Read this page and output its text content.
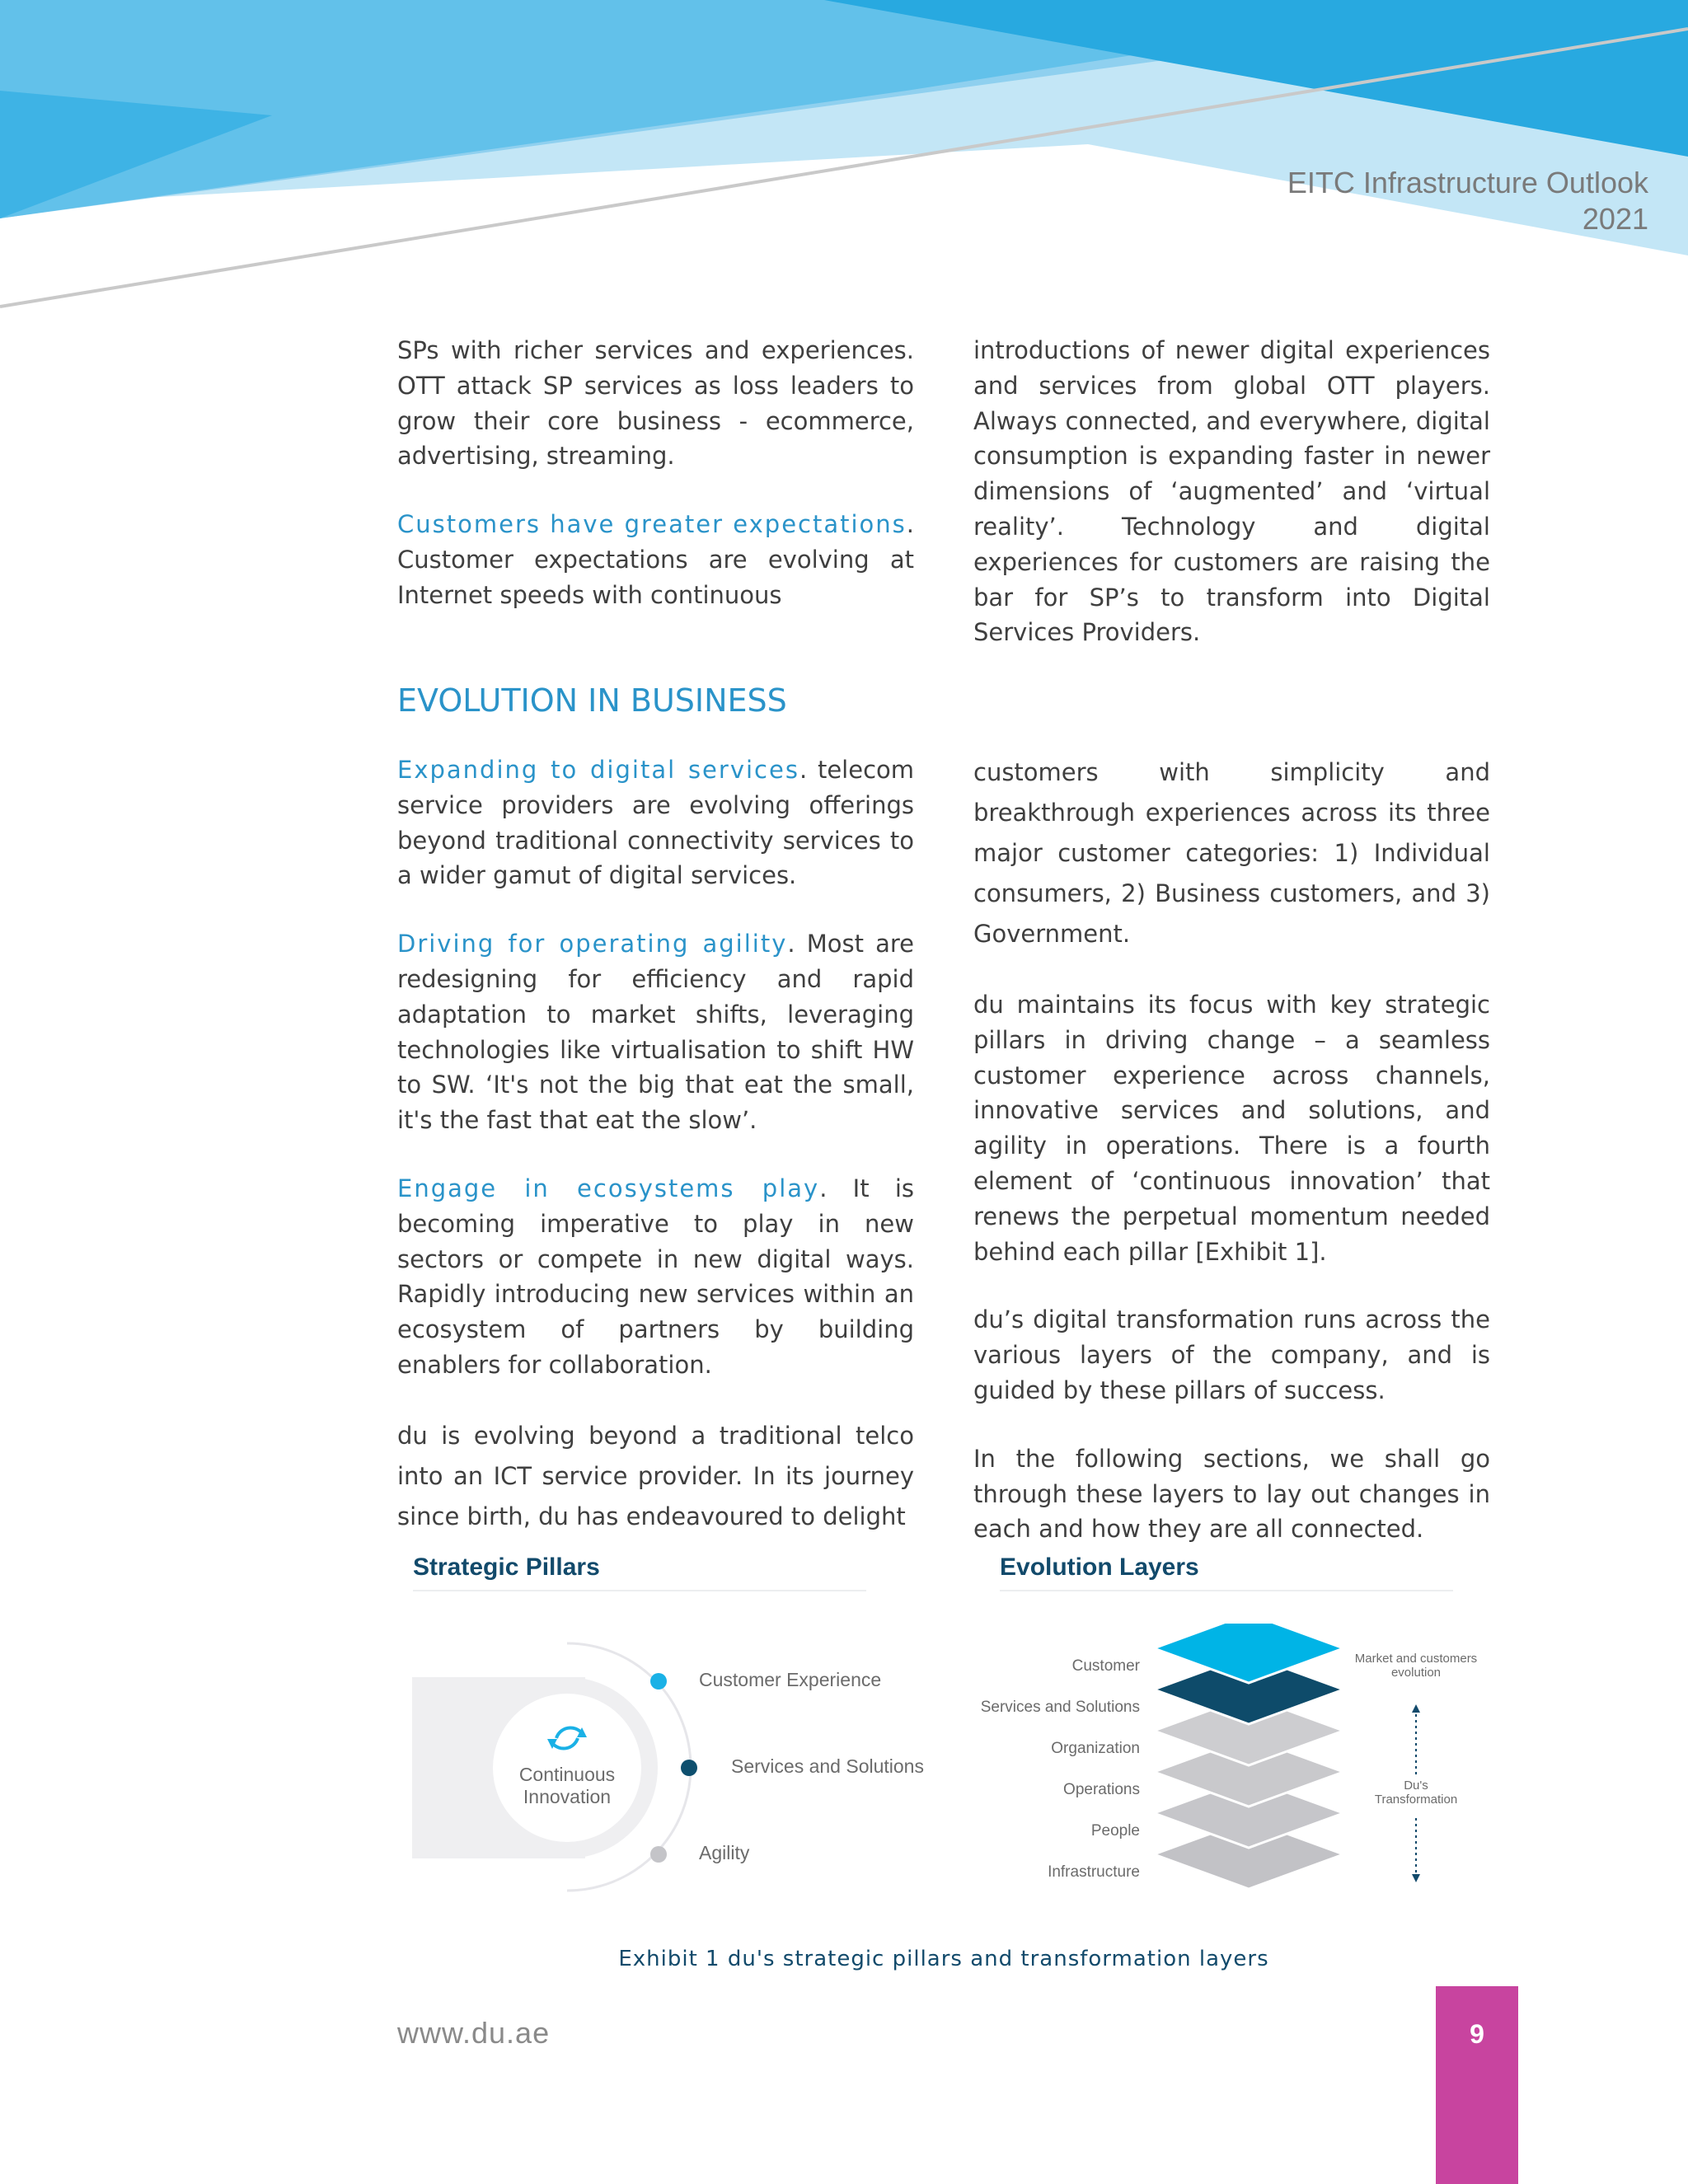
EITC Infrastructure Outlook
2021

SPs with richer services and experiences. OTT attack SP services as loss leaders to grow their core business - ecommerce, advertising, streaming.

Customers have greater expectations. Customer expectations are evolving at Internet speeds with continuous

introductions of newer digital experiences and services from global OTT players. Always connected, and everywhere, digital consumption is expanding faster in newer dimensions of ‘augmented’ and ‘virtual reality’. Technology and digital experiences for customers are raising the bar for SP’s to transform into Digital Services Providers.

EVOLUTION IN BUSINESS

Expanding to digital services. telecom service providers are evolving offerings beyond traditional connectivity services to a wider gamut of digital services.

Driving for operating agility. Most are redesigning for efficiency and rapid adaptation to market shifts, leveraging technologies like virtualisation to shift HW to SW. ‘It's not the big that eat the small, it's the fast that eat the slow’.

Engage in ecosystems play. It is becoming imperative to play in new sectors or compete in new digital ways. Rapidly introducing new services within an ecosystem of partners by building enablers for collaboration.

du is evolving beyond a traditional telco into an ICT service provider. In its journey since birth, du has endeavoured to delight

customers with simplicity and breakthrough experiences across its three major customer categories: 1) Individual consumers, 2) Business customers, and 3) Government.

du maintains its focus with key strategic pillars in driving change – a seamless customer experience across channels, innovative services and solutions, and agility in operations. There is a fourth element of ‘continuous innovation’ that renews the perpetual momentum needed behind each pillar [Exhibit 1].

du’s digital transformation runs across the various layers of the company, and is guided by these pillars of success.

In the following sections, we shall go through these layers to lay out changes in each and how they are all connected.

Strategic Pillars
Continuous
Innovation
Customer Experience
Services and Solutions
Agility
Evolution Layers
Customer
Services and Solutions
Organization
Operations
People
Infrastructure
Market and customers
evolution
Du's
Transformation
Exhibit 1 du's strategic pillars and transformation layers
www.du.ae	9
